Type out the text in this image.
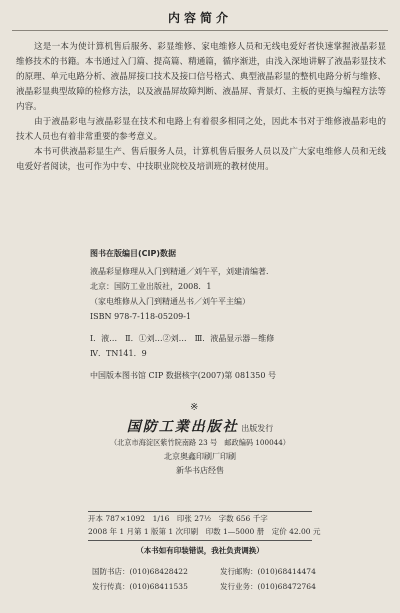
内容简介

这是一本为使计算机售后服务、彩显维修、家电维修人员和无线电爱好者快速掌握液晶彩显维修技术的书籍。本书通过入门篇、提高篇、精通篇，循序渐进，由浅入深地讲解了液晶彩显技术的原理、单元电路分析、液晶屏接口技术及接口信号格式、典型液晶彩显的整机电路分析与维修、液晶彩显典型故障的检修方法，以及液晶屏故障判断、液晶屏、背景灯、主板的更换与编程方法等内容。

由于液晶彩电与液晶彩显在技术和电路上有着很多相同之处，因此本书对于维修液晶彩电的技术人员也有着非常重要的参考意义。

本书可供液晶彩显生产、售后服务人员，计算机售后服务人员以及广大家电维修人员和无线电爱好者阅读，也可作为中专、中技职业院校及培训班的教材使用。

图书在版编目(CIP)数据
液晶彩显修理从入门到精通／刘午平，刘建清编著．
北京：国防工业出版社，2008．1
（家电维修从入门到精通丛书／刘午平主编）
ISBN 978-7-118-05209-1
Ⅰ．液…　Ⅱ．①刘…②刘…　Ⅲ．液晶显示器－维修
Ⅳ．TN141．9
中国版本图书馆 CIP 数据核字(2007)第 081350 号
※
国防工業出版社 出版发行
（北京市海淀区紫竹院南路 23 号　邮政编码 100044）
北京奥鑫印刷厂印刷
新华书店经售
开本 787×1092　1/16　印张 27½　字数 656 千字
2008 年 1 月第 1 版第 1 次印刷　印数 1—5000 册　定价 42.00 元
（本书如有印装错误，我社负责调换）
国防书店：(010)68428422	发行邮购：(010)68414474
发行传真：(010)68411535	发行业务：(010)68472764
